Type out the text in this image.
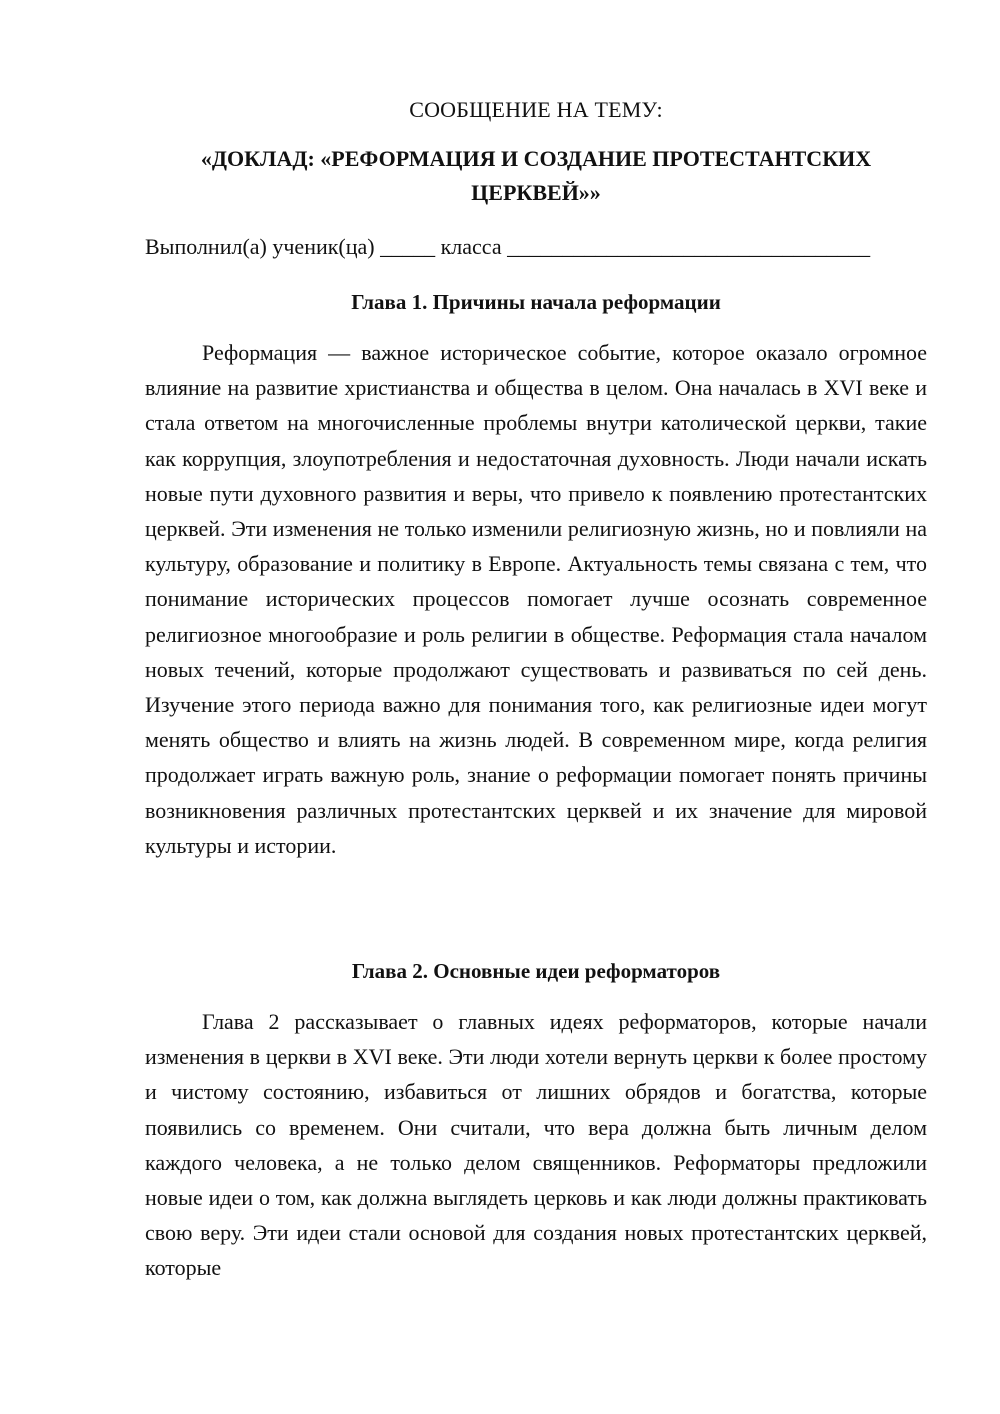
СООБЩЕНИЕ НА ТЕМУ:

«ДОКЛАД: «РЕФОРМАЦИЯ И СОЗДАНИЕ ПРОТЕСТАНТСКИХ ЦЕРКВЕЙ»»

Выполнил(а) ученик(ца) _____ класса _________________________________

Глава 1. Причины начала реформации

Реформация — важное историческое событие, которое оказало огромное влияние на развитие христианства и общества в целом. Она началась в XVI веке и стала ответом на многочисленные проблемы внутри католической церкви, такие как коррупция, злоупотребления и недостаточная духовность. Люди начали искать новые пути духовного развития и веры, что привело к появлению протестантских церквей. Эти изменения не только изменили религиозную жизнь, но и повлияли на культуру, образование и политику в Европе. Актуальность темы связана с тем, что понимание исторических процессов помогает лучше осознать современное религиозное многообразие и роль религии в обществе. Реформация стала началом новых течений, которые продолжают существовать и развиваться по сей день. Изучение этого периода важно для понимания того, как религиозные идеи могут менять общество и влиять на жизнь людей. В современном мире, когда религия продолжает играть важную роль, знание о реформации помогает понять причины возникновения различных протестантских церквей и их значение для мировой культуры и истории.

Глава 2. Основные идеи реформаторов

Глава 2 рассказывает о главных идеях реформаторов, которые начали изменения в церкви в XVI веке. Эти люди хотели вернуть церкви к более простому и чистому состоянию, избавиться от лишних обрядов и богатства, которые появились со временем. Они считали, что вера должна быть личным делом каждого человека, а не только делом священников. Реформаторы предложили новые идеи о том, как должна выглядеть церковь и как люди должны практиковать свою веру. Эти идеи стали основой для создания новых протестантских церквей, которые
